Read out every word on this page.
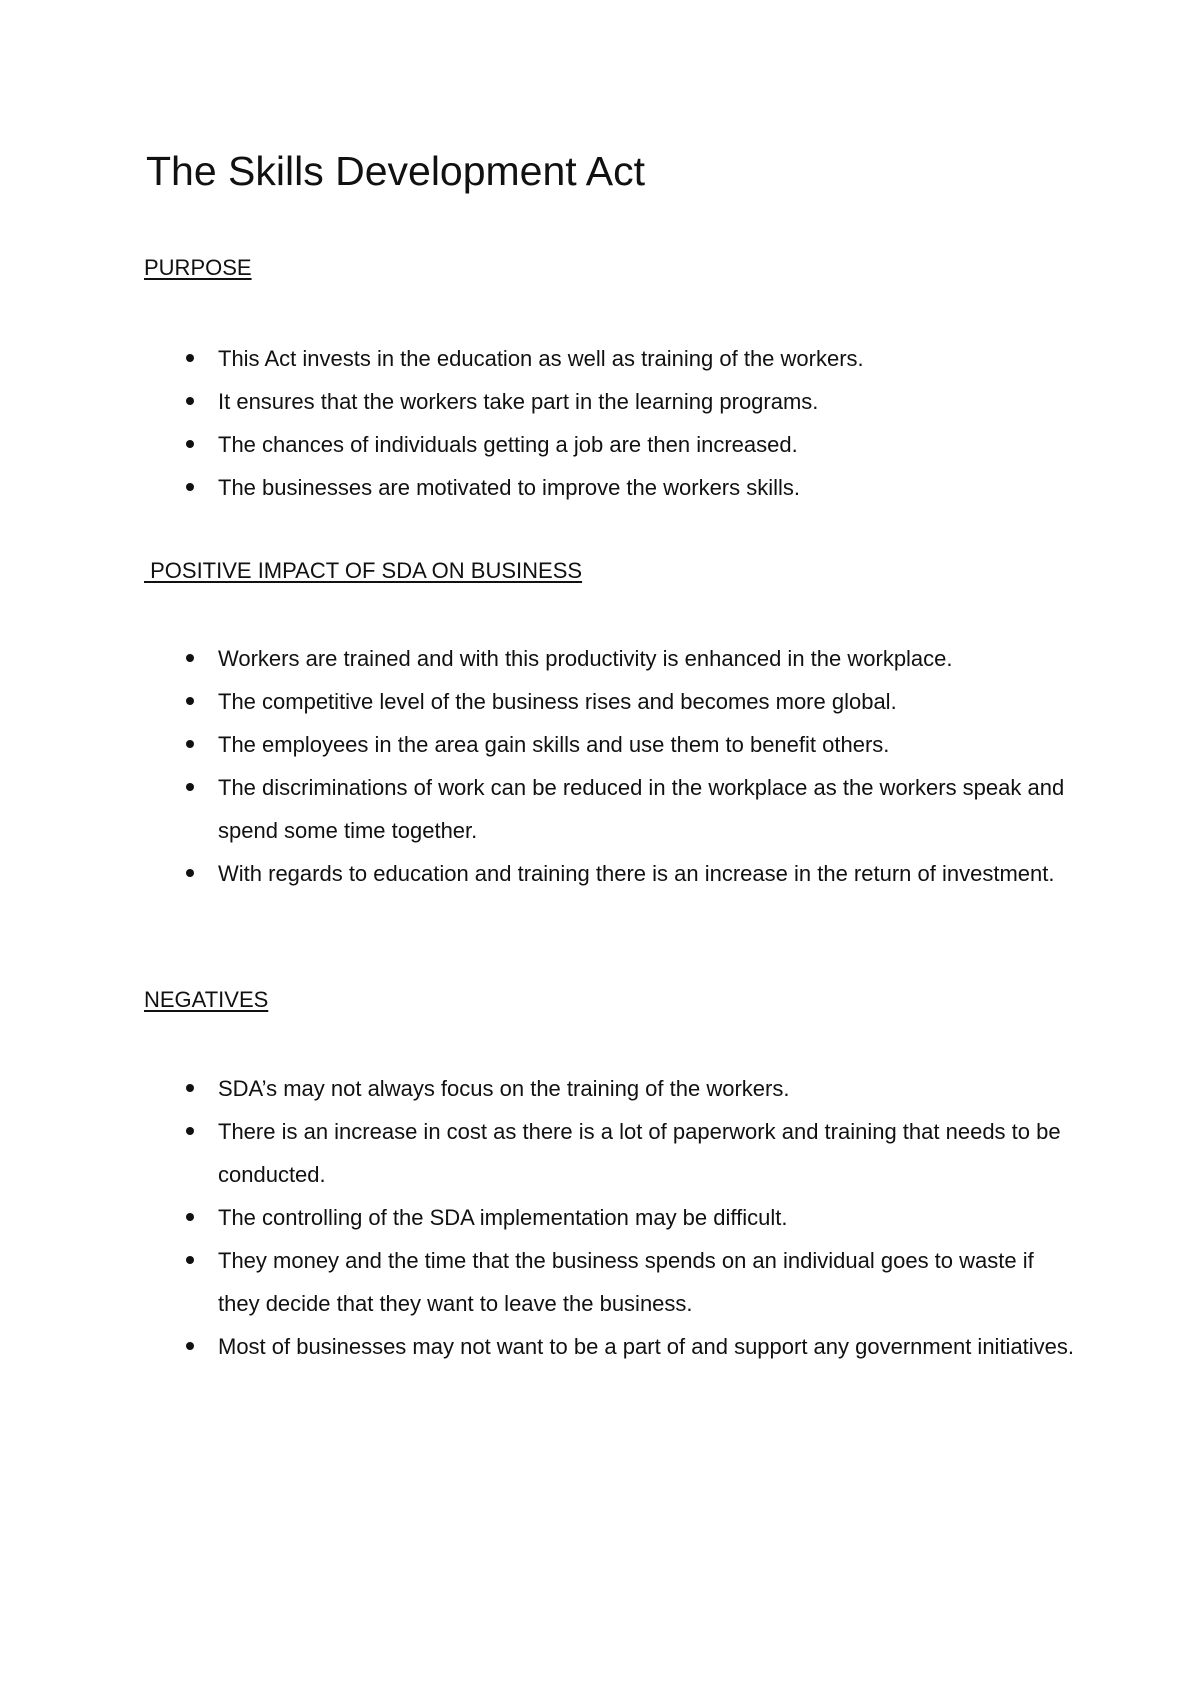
The Skills Development Act
PURPOSE
This Act invests in the education as well as training of the workers.
It ensures that the workers take part in the learning programs.
The chances of individuals getting a job are then increased.
The businesses are motivated to improve the workers skills.
POSITIVE IMPACT OF SDA ON BUSINESS
Workers are trained and with this productivity is enhanced in the workplace.
The competitive level of the business rises and becomes more global.
The employees in the area gain skills and use them to benefit others.
The discriminations of work can be reduced in the workplace as the workers speak and spend some time together.
With regards to education and training there is an increase in the return of investment.
NEGATIVES
SDA’s may not always focus on the training of the workers.
There is an increase in cost as there is a lot of paperwork and training that needs to be conducted.
The controlling of the SDA implementation may be difficult.
They money and the time that the business spends on an individual goes to waste if they decide that they want to leave the business.
Most of businesses may not want to be a part of and support any government initiatives.
